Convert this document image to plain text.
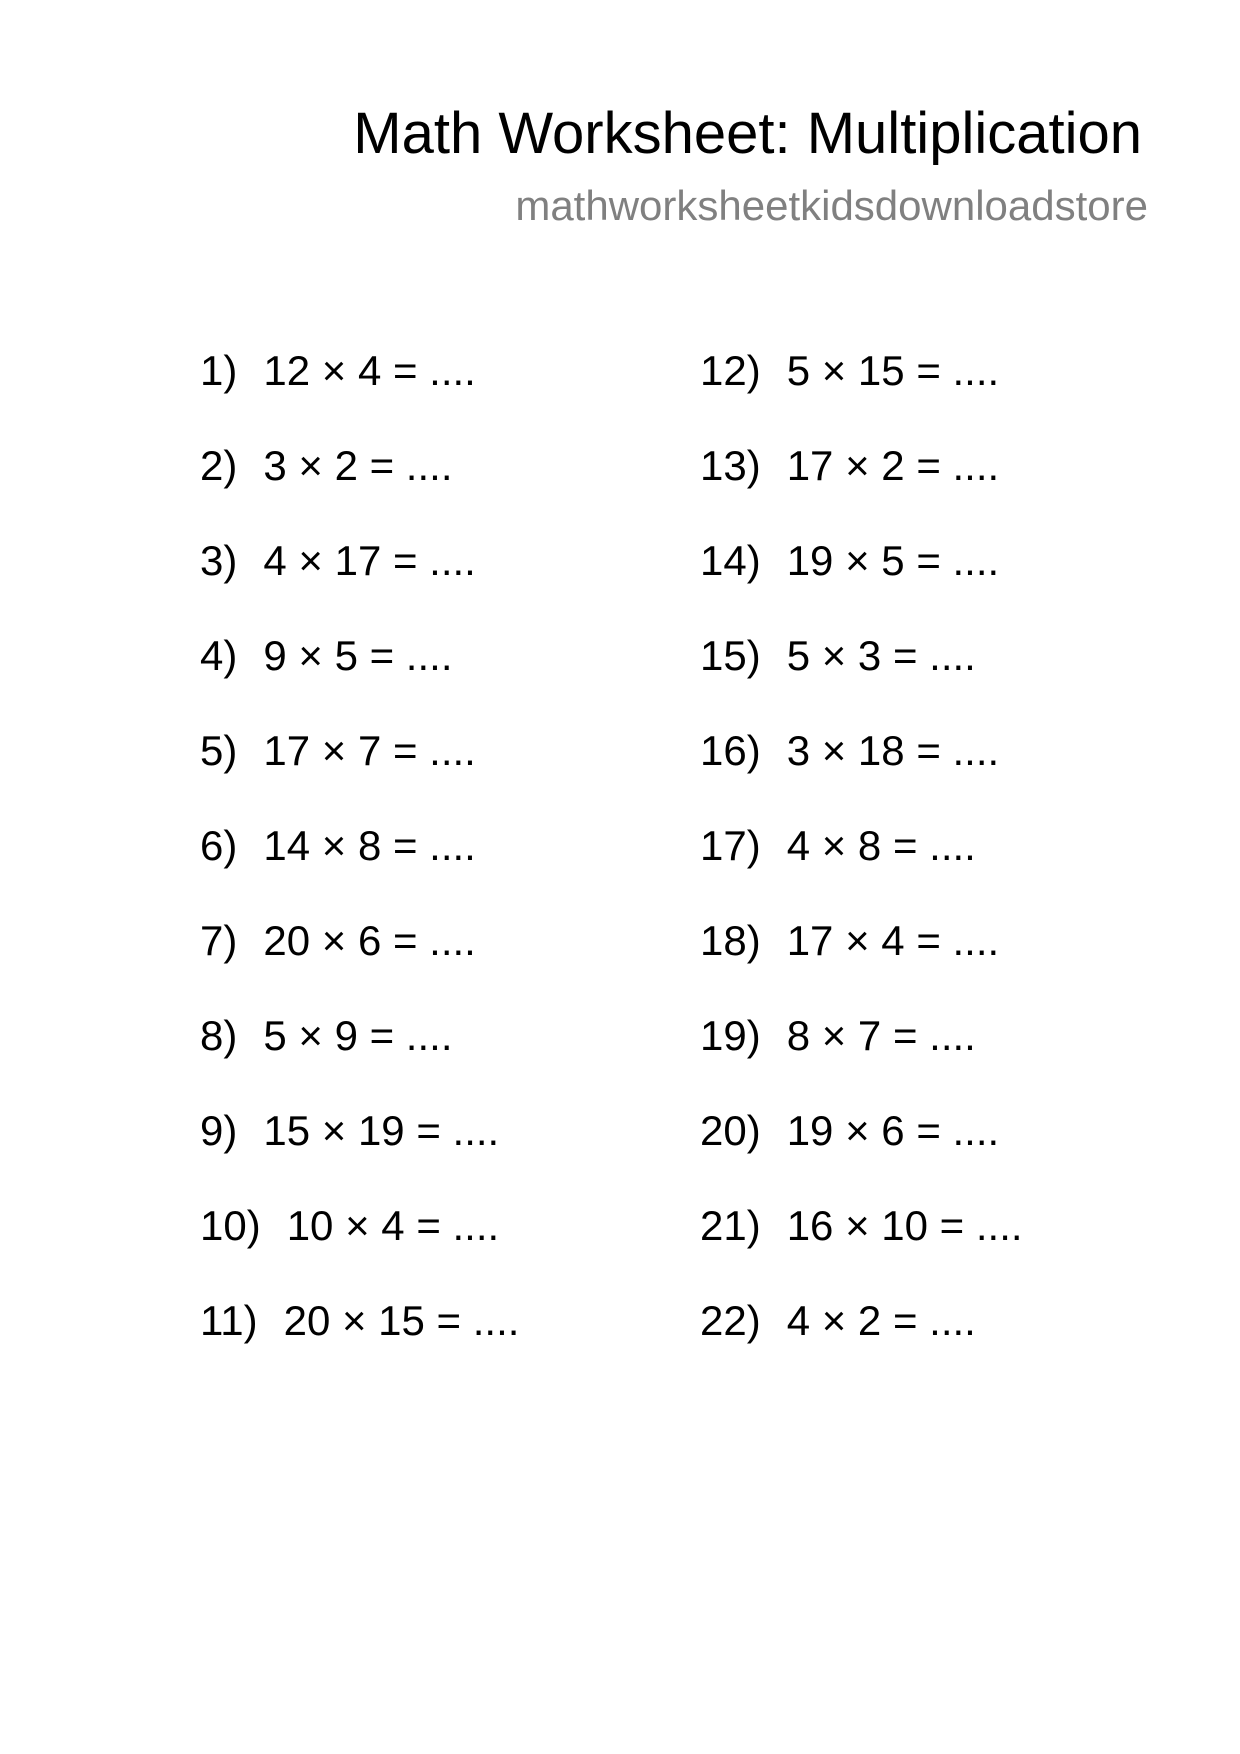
Math Worksheet: Multiplication
mathworksheetkidsdownloadstore
1) 12 × 4 = ....
2) 3 × 2 = ....
3) 4 × 17 = ....
4) 9 × 5 = ....
5) 17 × 7 = ....
6) 14 × 8 = ....
7) 20 × 6 = ....
8) 5 × 9 = ....
9) 15 × 19 = ....
10) 10 × 4 = ....
11) 20 × 15 = ....
12) 5 × 15 = ....
13) 17 × 2 = ....
14) 19 × 5 = ....
15) 5 × 3 = ....
16) 3 × 18 = ....
17) 4 × 8 = ....
18) 17 × 4 = ....
19) 8 × 7 = ....
20) 19 × 6 = ....
21) 16 × 10 = ....
22) 4 × 2 = ....
